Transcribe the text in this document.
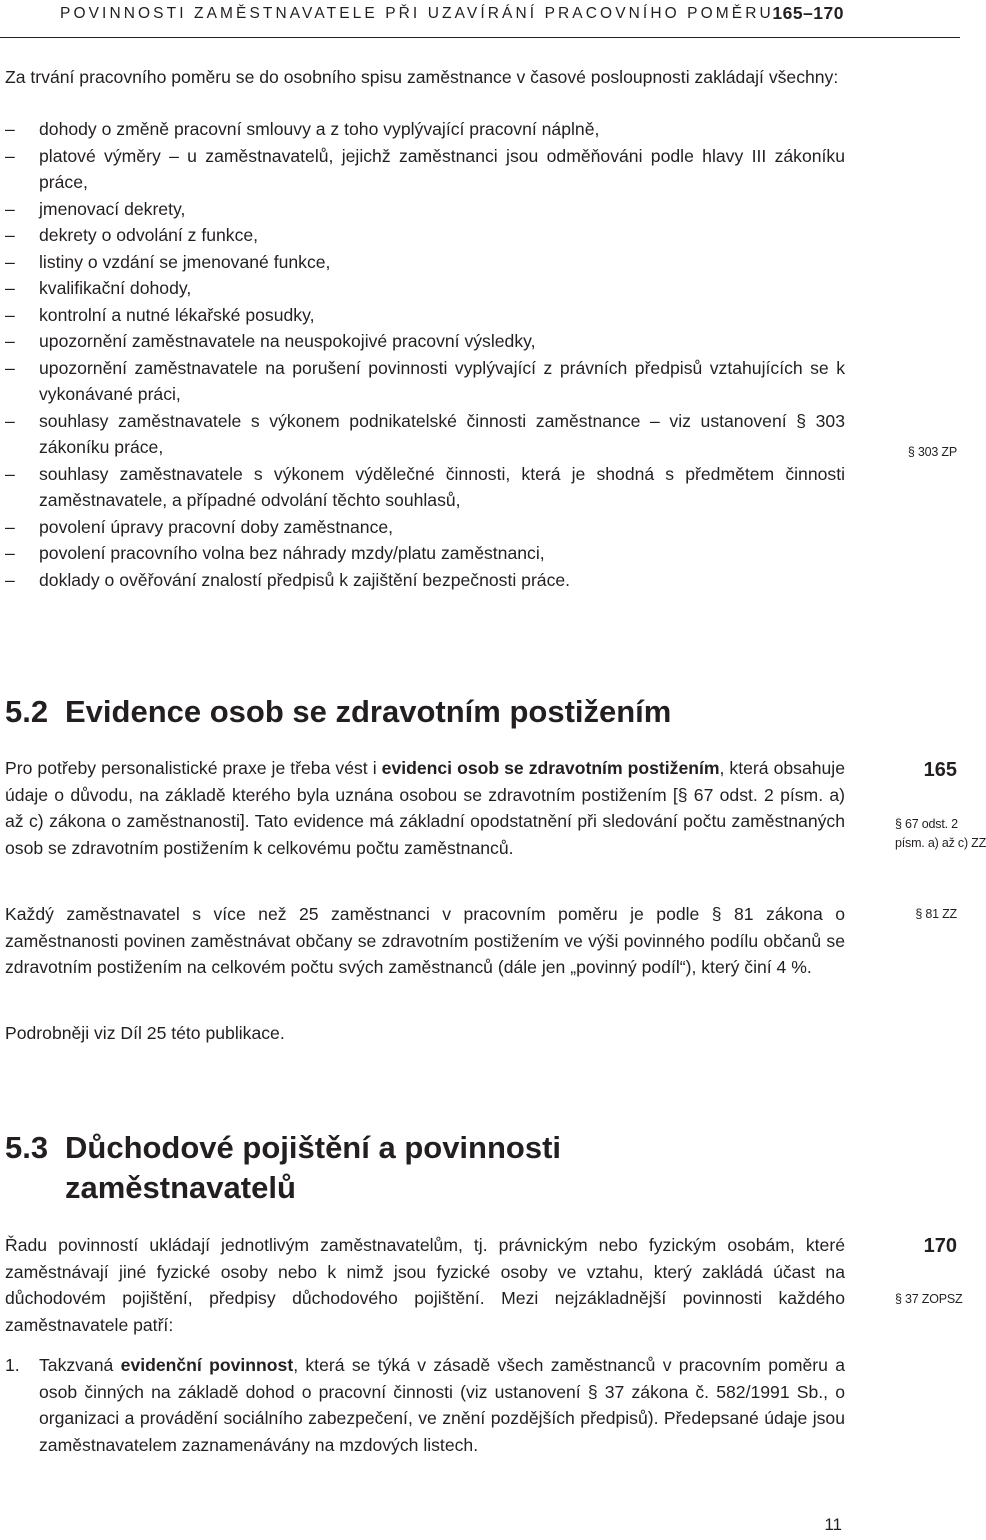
POVINNOSTI ZAMĚSTNAVATELE PŘI UZAVÍRÁNÍ PRACOVNÍHO POMĚRU
165–170

Za trvání pracovního poměru se do osobního spisu zaměstnance v časové posloupnosti zakládají všechny:

– dohody o změně pracovní smlouvy a z toho vyplývající pracovní náplně,
– platové výměry – u zaměstnavatelů, jejichž zaměstnanci jsou odměňováni podle hlavy III zákoníku práce,
– jmenovací dekrety,
– dekrety o odvolání z funkce,
– listiny o vzdání se jmenované funkce,
– kvalifikační dohody,
– kontrolní a nutné lékařské posudky,
– upozornění zaměstnavatele na neuspokojivé pracovní výsledky,
– upozornění zaměstnavatele na porušení povinnosti vyplývající z právních předpisů vztahujících se k vykonávané práci,
– souhlasy zaměstnavatele s výkonem podnikatelské činnosti zaměstnance – viz ustanovení § 303 zákoníku práce,
– souhlasy zaměstnavatele s výkonem výdělečné činnosti, která je shodná s předmětem činnosti zaměstnavatele, a případné odvolání těchto souhlasů,
– povolení úpravy pracovní doby zaměstnance,
– povolení pracovního volna bez náhrady mzdy/platu zaměstnanci,
– doklady o ověřování znalostí předpisů k zajištění bezpečnosti práce.
§ 303 ZP
5.2 Evidence osob se zdravotním postižením

Pro potřeby personalistické praxe je třeba vést i evidenci osob se zdravotním postižením, která obsahuje údaje o důvodu, na základě kterého byla uznána osobou se zdravotním postižením [§ 67 odst. 2 písm. a) až c) zákona o zaměstnanosti]. Tato evidence má základní opodstatnění při sledování počtu zaměstnaných osob se zdravotním postižením k celkovému počtu zaměstnanců.

165
§ 67 odst. 2
písm. a) až c) ZZ

Každý zaměstnavatel s více než 25 zaměstnanci v pracovním poměru je podle § 81 zákona o zaměstnanosti povinen zaměstnávat občany se zdravotním postižením ve výši povinného podílu občanů se zdravotním postižením na celkovém počtu svých zaměstnanců (dále jen „povinný podíl“), který činí 4 %.

§ 81 ZZ

Podrobněji viz Díl 25 této publikace.

5.3 Důchodové pojištění a povinnosti zaměstnavatelů

Řadu povinností ukládají jednotlivým zaměstnavatelům, tj. právnickým nebo fyzickým osobám, které zaměstnávají jiné fyzické osoby nebo k nimž jsou fyzické osoby ve vztahu, který zakládá účast na důchodovém pojištění, předpisy důchodového pojištění. Mezi nejzákladnější povinnosti každého zaměstnavatele patří:

170
§ 37 ZOPSZ
1. Takzvaná evidenční povinnost, která se týká v zásadě všech zaměstnanců v pracovním poměru a osob činných na základě dohod o pracovní činnosti (viz ustanovení § 37 zákona č. 582/1991 Sb., o organizaci a provádění sociálního zabezpečení, ve znění pozdějších předpisů). Předepsané údaje jsou zaměstnavatelem zaznamenávány na mzdových listech.
11
